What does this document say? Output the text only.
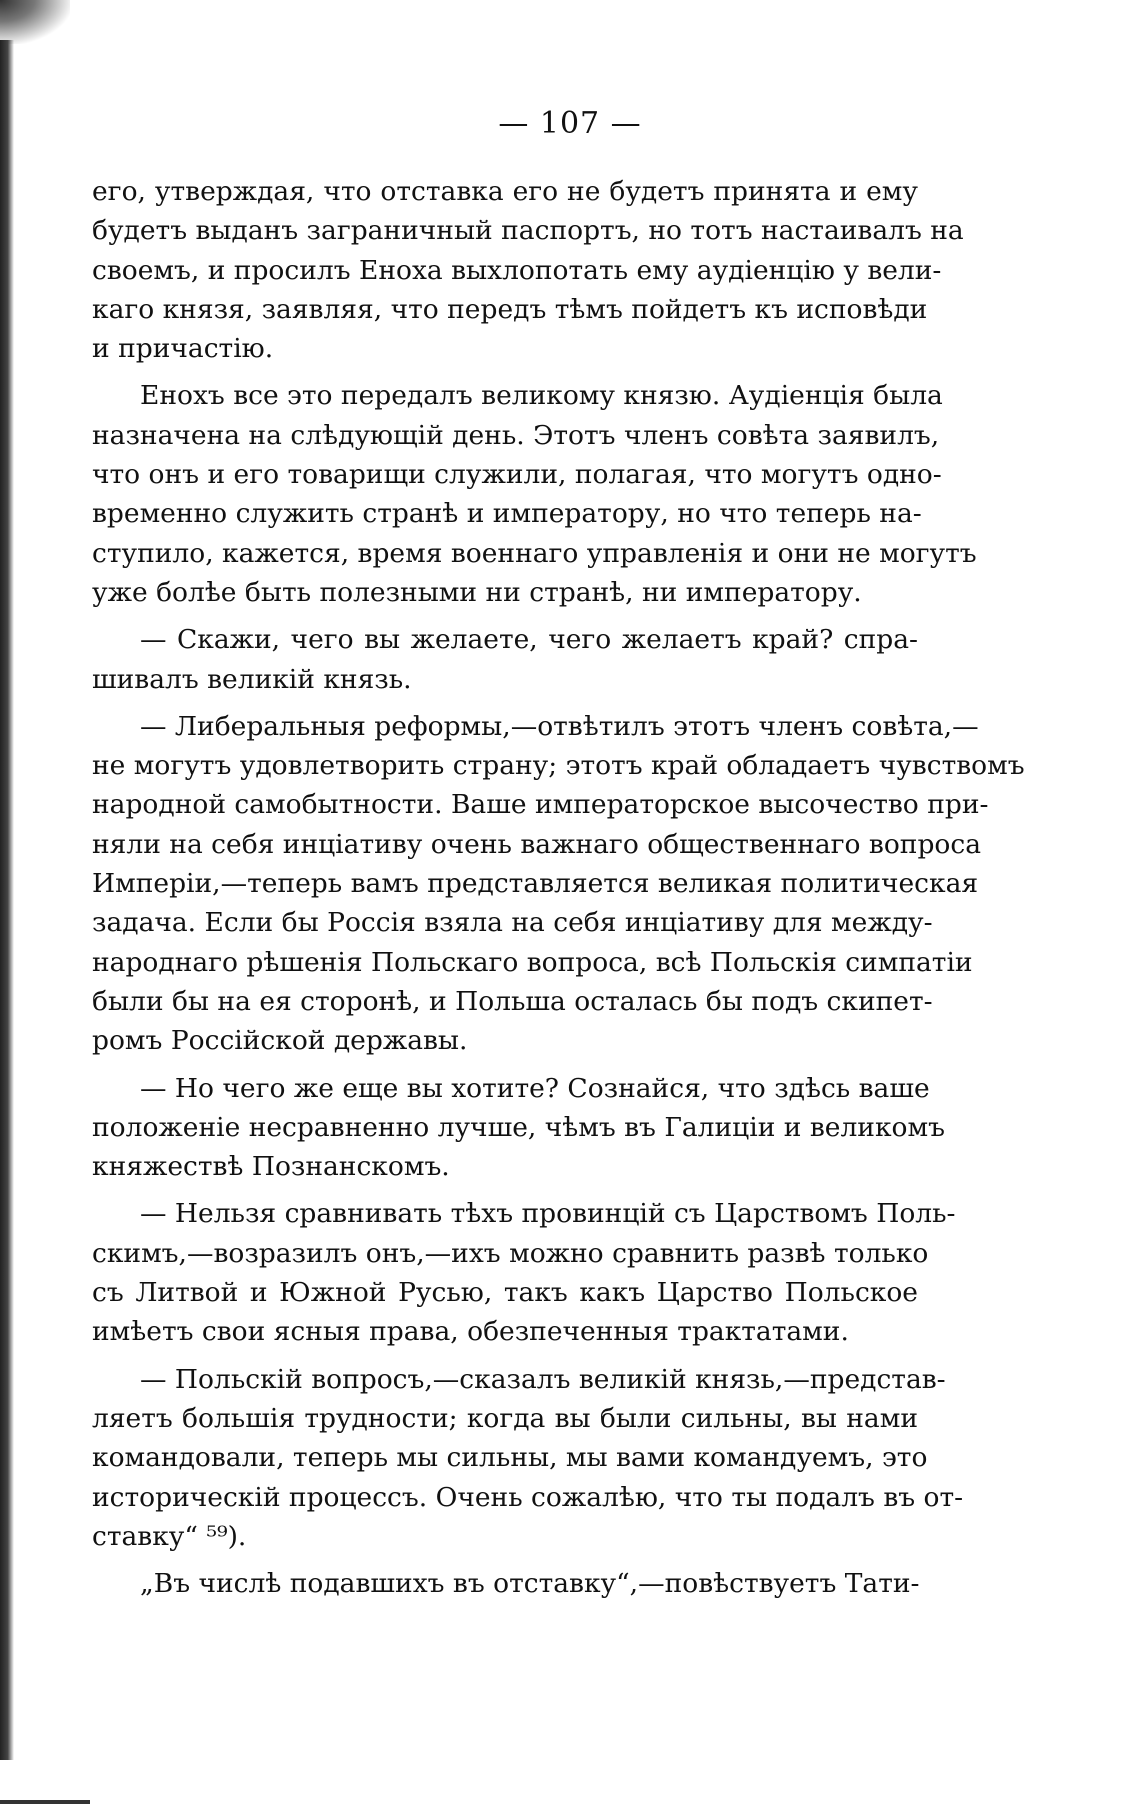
— 107 —
его, утверждая, что отставка его не будетъ принята и ему
будетъ выданъ заграничный паспортъ, но тотъ настаивалъ на
своемъ, и просилъ Еноха выхлопотать ему аудіенцію у вели-
каго князя, заявляя, что передъ тѣмъ пойдетъ къ исповѣди
и причастію.
Енохъ все это передалъ великому князю. Аудіенція была
назначена на слѣдующій день. Этотъ членъ совѣта заявилъ,
что онъ и его товарищи служили, полагая, что могутъ одно-
временно служить странѣ и императору, но что теперь на-
ступило, кажется, время военнаго управленія и они не могутъ
уже болѣе быть полезными ни странѣ, ни императору.
— Скажи, чего вы желаете, чего желаетъ край? спра-
шивалъ великій князь.
— Либеральныя реформы,—отвѣтилъ этотъ членъ совѣта,—
не могутъ удовлетворить страну; этотъ край обладаетъ чувствомъ
народной самобытности. Ваше императорское высочество при-
няли на себя инціативу очень важнаго общественнаго вопроса
Имперіи,—теперь вамъ представляется великая политическая
задача. Если бы Россія взяла на себя инціативу для между-
народнаго рѣшенія Польскаго вопроса, всѣ Польскія симпатіи
были бы на ея сторонѣ, и Польша осталась бы подъ скипет-
ромъ Россійской державы.
— Но чего же еще вы хотите? Сознайся, что здѣсь ваше
положеніе несравненно лучше, чѣмъ въ Галиціи и великомъ
княжествѣ Познанскомъ.
— Нельзя сравнивать тѣхъ провинцій съ Царствомъ Поль-
скимъ,—возразилъ онъ,—ихъ можно сравнить развѣ только
съ Литвой и Южной Русью, такъ какъ Царство Польское
имѣетъ свои ясныя права, обезпеченныя трактатами.
— Польскій вопросъ,—сказалъ великій князь,—представ-
ляетъ большія трудности; когда вы были сильны, вы нами
командовали, теперь мы сильны, мы вами командуемъ, это
историческій процессъ. Очень сожалѣю, что ты подалъ въ от-
ставку“ ⁵⁹).
„Въ числѣ подавшихъ въ отставку“,—повѣствуетъ Тати-
